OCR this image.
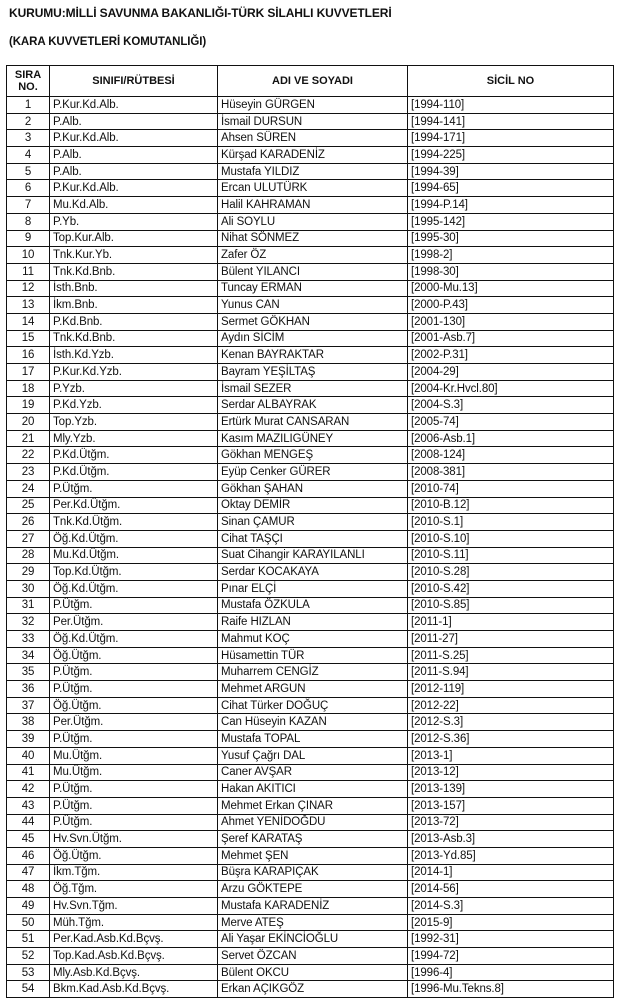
KURUMU:MİLLİ SAVUNMA BAKANLIĞI-TÜRK SİLAHLI KUVVETLERİ
(KARA KUVVETLERİ KOMUTANLIĞI)
SIRA
NO.	SINIFI/RÜTBESİ	ADI VE SOYADI	SİCİL NO
1	P.Kur.Kd.Alb.	Hüseyin GÜRGEN	[1994-110]
2	P.Alb.	İsmail DURSUN	[1994-141]
3	P.Kur.Kd.Alb.	Ahsen SÜREN	[1994-171]
4	P.Alb.	Kürşad KARADENİZ	[1994-225]
5	P.Alb.	Mustafa YILDIZ	[1994-39]
6	P.Kur.Kd.Alb.	Ercan ULUTÜRK	[1994-65]
7	Mu.Kd.Alb.	Halil KAHRAMAN	[1994-P.14]
8	P.Yb.	Ali SOYLU	[1995-142]
9	Top.Kur.Alb.	Nihat SÖNMEZ	[1995-30]
10	Tnk.Kur.Yb.	Zafer ÖZ	[1998-2]
11	Tnk.Kd.Bnb.	Bülent YILANCI	[1998-30]
12	İsth.Bnb.	Tuncay ERMAN	[2000-Mu.13]
13	İkm.Bnb.	Yunus CAN	[2000-P.43]
14	P.Kd.Bnb.	Sermet GÖKHAN	[2001-130]
15	Tnk.Kd.Bnb.	Aydın SİCİM	[2001-Asb.7]
16	İsth.Kd.Yzb.	Kenan BAYRAKTAR	[2002-P.31]
17	P.Kur.Kd.Yzb.	Bayram YEŞİLTAŞ	[2004-29]
18	P.Yzb.	İsmail SEZER	[2004-Kr.Hvcl.80]
19	P.Kd.Yzb.	Serdar ALBAYRAK	[2004-S.3]
20	Top.Yzb.	Ertürk Murat CANSARAN	[2005-74]
21	Mly.Yzb.	Kasım MAZILIGÜNEY	[2006-Asb.1]
22	P.Kd.Ütğm.	Gökhan MENGEŞ	[2008-124]
23	P.Kd.Ütğm.	Eyüp Cenker GÜRER	[2008-381]
24	P.Ütğm.	Gökhan ŞAHAN	[2010-74]
25	Per.Kd.Ütğm.	Oktay DEMİR	[2010-B.12]
26	Tnk.Kd.Ütğm.	Sinan ÇAMUR	[2010-S.1]
27	Öğ.Kd.Ütğm.	Cihat TAŞÇI	[2010-S.10]
28	Mu.Kd.Ütğm.	Suat Cihangir KARAYILANLI	[2010-S.11]
29	Top.Kd.Ütğm.	Serdar KOCAKAYA	[2010-S.28]
30	Öğ.Kd.Ütğm.	Pınar ELÇİ	[2010-S.42]
31	P.Ütğm.	Mustafa ÖZKULA	[2010-S.85]
32	Per.Ütğm.	Raife HIZLAN	[2011-1]
33	Öğ.Kd.Ütğm.	Mahmut KOÇ	[2011-27]
34	Öğ.Ütğm.	Hüsamettin TÜR	[2011-S.25]
35	P.Ütğm.	Muharrem CENGİZ	[2011-S.94]
36	P.Ütğm.	Mehmet ARGUN	[2012-119]
37	Öğ.Ütğm.	Cihat Türker DOĞUÇ	[2012-22]
38	Per.Ütğm.	Can Hüseyin KAZAN	[2012-S.3]
39	P.Ütğm.	Mustafa TOPAL	[2012-S.36]
40	Mu.Ütğm.	Yusuf Çağrı DAL	[2013-1]
41	Mu.Ütğm.	Caner AVŞAR	[2013-12]
42	P.Ütğm.	Hakan AKITICI	[2013-139]
43	P.Ütğm.	Mehmet Erkan ÇINAR	[2013-157]
44	P.Ütğm.	Ahmet YENİDOĞDU	[2013-72]
45	Hv.Svn.Ütğm.	Şeref KARATAŞ	[2013-Asb.3]
46	Öğ.Ütğm.	Mehmet ŞEN	[2013-Yd.85]
47	İkm.Tğm.	Büşra KARAPIÇAK	[2014-1]
48	Öğ.Tğm.	Arzu GÖKTEPE	[2014-56]
49	Hv.Svn.Tğm.	Mustafa KARADENİZ	[2014-S.3]
50	Müh.Tğm.	Merve ATEŞ	[2015-9]
51	Per.Kad.Asb.Kd.Bçvş.	Ali Yaşar EKİNCİOĞLU	[1992-31]
52	Top.Kad.Asb.Kd.Bçvş.	Servet ÖZCAN	[1994-72]
53	Mly.Asb.Kd.Bçvş.	Bülent OKCU	[1996-4]
54	Bkm.Kad.Asb.Kd.Bçvş.	Erkan AÇIKGÖZ	[1996-Mu.Tekns.8]
